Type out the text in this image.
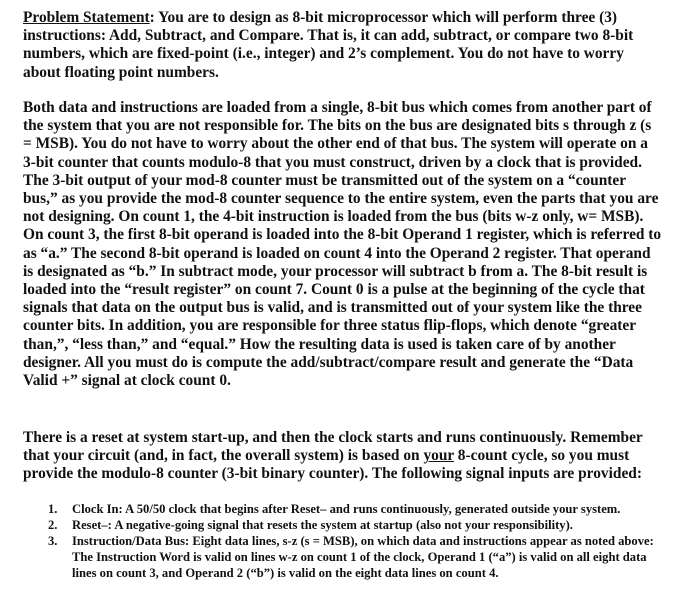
Problem Statement: You are to design as 8-bit microprocessor which will perform three (3) instructions: Add, Subtract, and Compare. That is, it can add, subtract, or compare two 8-bit numbers, which are fixed-point (i.e., integer) and 2’s complement. You do not have to worry about floating point numbers.
Both data and instructions are loaded from a single, 8-bit bus which comes from another part of the system that you are not responsible for. The bits on the bus are designated bits s through z (s = MSB). You do not have to worry about the other end of that bus. The system will operate on a 3-bit counter that counts modulo-8 that you must construct, driven by a clock that is provided. The 3-bit output of your mod-8 counter must be transmitted out of the system on a “counter bus,” as you provide the mod-8 counter sequence to the entire system, even the parts that you are not designing. On count 1, the 4-bit instruction is loaded from the bus (bits w-z only, w= MSB). On count 3, the first 8-bit operand is loaded into the 8-bit Operand 1 register, which is referred to as “a.” The second 8-bit operand is loaded on count 4 into the Operand 2 register. That operand is designated as “b.” In subtract mode, your processor will subtract b from a. The 8-bit result is loaded into the “result register” on count 7. Count 0 is a pulse at the beginning of the cycle that signals that data on the output bus is valid, and is transmitted out of your system like the three counter bits. In addition, you are responsible for three status flip-flops, which denote “greater than,”, “less than,” and “equal.” How the resulting data is used is taken care of by another designer. All you must do is compute the add/subtract/compare result and generate the “Data Valid +” signal at clock count 0.
There is a reset at system start-up, and then the clock starts and runs continuously. Remember that your circuit (and, in fact, the overall system) is based on your 8-count cycle, so you must provide the modulo-8 counter (3-bit binary counter). The following signal inputs are provided:
1. Clock In: A 50/50 clock that begins after Reset– and runs continuously, generated outside your system.
2. Reset–: A negative-going signal that resets the system at startup (also not your responsibility).
3. Instruction/Data Bus: Eight data lines, s-z (s = MSB), on which data and instructions appear as noted above: The Instruction Word is valid on lines w-z on count 1 of the clock, Operand 1 (“a”) is valid on all eight data lines on count 3, and Operand 2 (“b”) is valid on the eight data lines on count 4.
